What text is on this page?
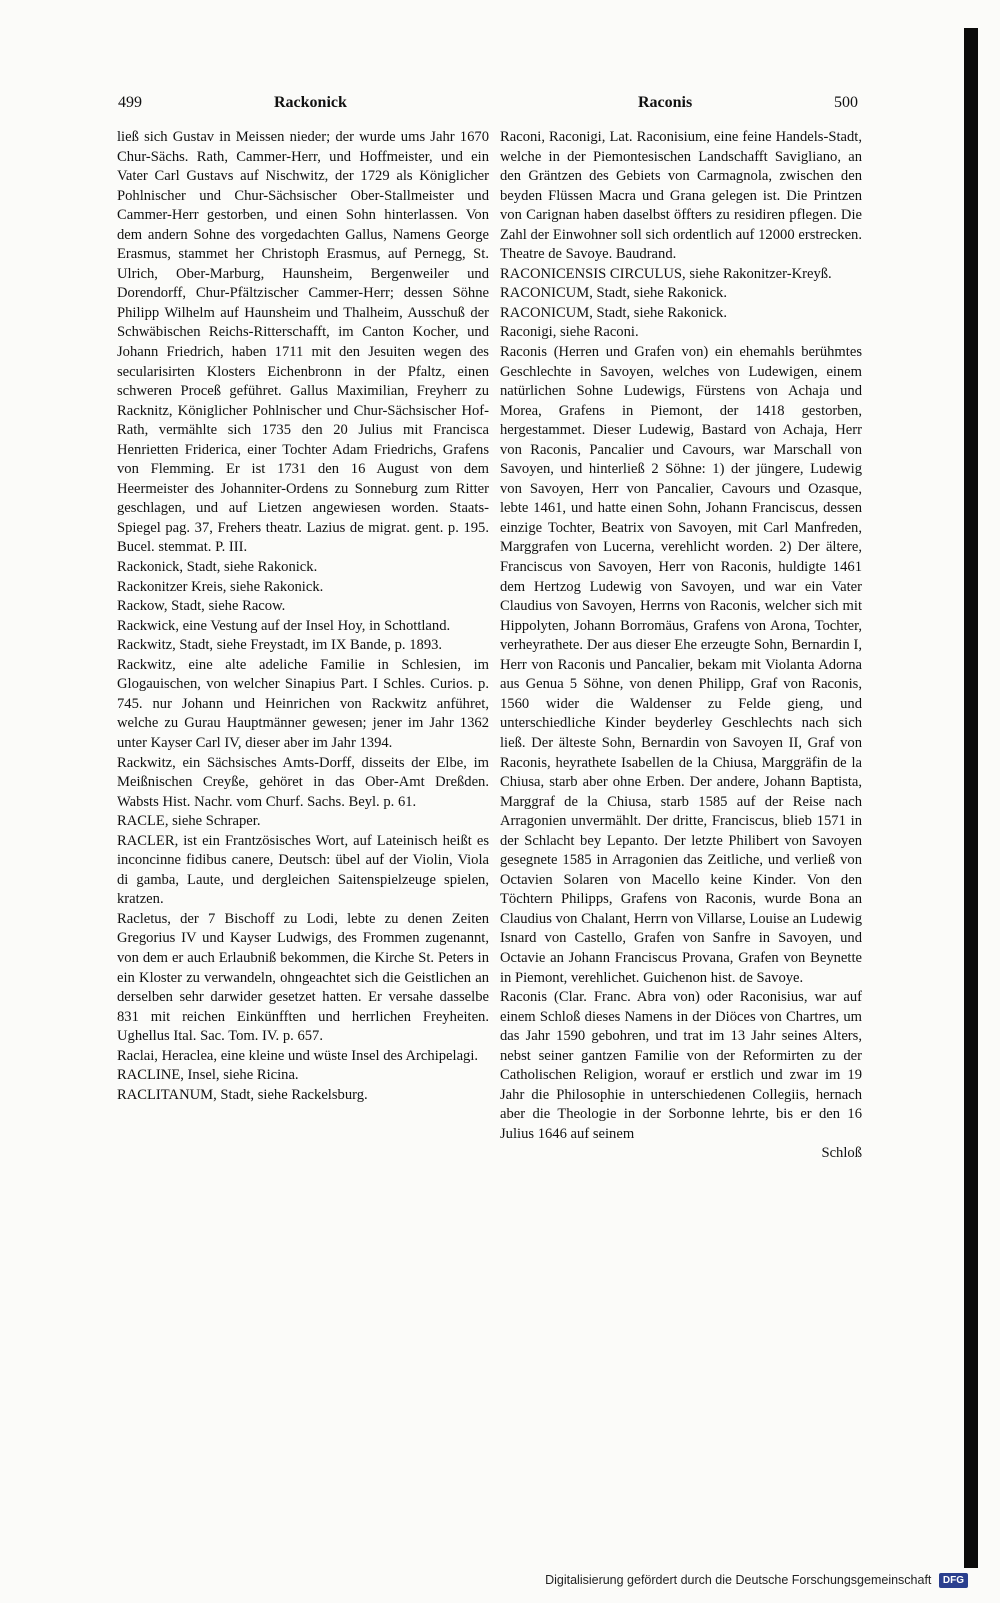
499	Rackonick	Raconis	500

ließ sich Gustav in Meissen nieder; der wurde ums Jahr 1670 Chur-Sächs. Rath, Cammer-Herr, und Hoffmeister, und ein Vater Carl Gustavs auf Nischwitz, der 1729 als Königlicher Pohlnischer und Chur-Sächsischer Ober-Stallmeister und Cammer-Herr gestorben, und einen Sohn hinterlassen. Von dem andern Sohne des vorgedachten Gallus, Namens George Erasmus, stammet her Christoph Erasmus, auf Pernegg, St. Ulrich, Ober-Marburg, Haunsheim, Bergenweiler und Dorendorff, Chur-Pfältzischer Cammer-Herr; dessen Söhne Philipp Wilhelm auf Haunsheim und Thalheim, Ausschuß der Schwäbischen Reichs-Ritterschafft, im Canton Kocher, und Johann Friedrich, haben 1711 mit den Jesuiten wegen des secularisirten Klosters Eichenbronn in der Pfaltz, einen schweren Proceß geführet. Gallus Maximilian, Freyherr zu Racknitz, Königlicher Pohlnischer und Chur-Sächsischer Hof-Rath, vermählte sich 1735 den 20 Julius mit Francisca Henrietten Friderica, einer Tochter Adam Friedrichs, Grafens von Flemming. Er ist 1731 den 16 August von dem Heermeister des Johanniter-Ordens zu Sonneburg zum Ritter geschlagen, und auf Lietzen angewiesen worden. Staats-Spiegel pag. 37, Frehers theatr. Lazius de migrat. gent. p. 195. Bucel. stemmat. P. III.

Rackonick, Stadt, siehe Rakonick.

Rackonitzer Kreis, siehe Rakonick.

Rackow, Stadt, siehe Racow.

Rackwick, eine Vestung auf der Insel Hoy, in Schottland.

Rackwitz, Stadt, siehe Freystadt, im IX Bande, p. 1893.

Rackwitz, eine alte adeliche Familie in Schlesien, im Glogauischen, von welcher Sinapius Part. I Schles. Curios. p. 745. nur Johann und Heinrichen von Rackwitz anführet, welche zu Gurau Hauptmänner gewesen; jener im Jahr 1362 unter Kayser Carl IV, dieser aber im Jahr 1394.

Rackwitz, ein Sächsisches Amts-Dorff, disseits der Elbe, im Meißnischen Creyße, gehöret in das Ober-Amt Dreßden. Wabsts Hist. Nachr. vom Churf. Sachs. Beyl. p. 61.

RACLE, siehe Schraper.

RACLER, ist ein Frantzösisches Wort, auf Lateinisch heißt es inconcinne fidibus canere, Deutsch: übel auf der Violin, Viola di gamba, Laute, und dergleichen Saitenspielzeuge spielen, kratzen.

Racletus, der 7 Bischoff zu Lodi, lebte zu denen Zeiten Gregorius IV und Kayser Ludwigs, des Frommen zugenannt, von dem er auch Erlaubniß bekommen, die Kirche St. Peters in ein Kloster zu verwandeln, ohngeachtet sich die Geistlichen an derselben sehr darwider gesetzet hatten. Er versahe dasselbe 831 mit reichen Einkünfften und herrlichen Freyheiten. Ughellus Ital. Sac. Tom. IV. p. 657.

Raclai, Heraclea, eine kleine und wüste Insel des Archipelagi.

RACLINE, Insel, siehe Ricina.

RACLITANUM, Stadt, siehe Rackelsburg.

Raconi, Raconigi, Lat. Raconisium, eine feine Handels-Stadt, welche in der Piemontesischen Landschafft Savigliano, an den Gräntzen des Gebiets von Carmagnola, zwischen den beyden Flüssen Macra und Grana gelegen ist. Die Printzen von Carignan haben daselbst öffters zu residiren pflegen. Die Zahl der Einwohner soll sich ordentlich auf 12000 erstrecken. Theatre de Savoye. Baudrand.

RACONICENSIS CIRCULUS, siehe Rakonitzer-Kreyß.

RACONICUM, Stadt, siehe Rakonick.

RACONICUM, Stadt, siehe Rakonick.

Raconigi, siehe Raconi.

Raconis (Herren und Grafen von) ein ehemahls berühmtes Geschlechte in Savoyen, welches von Ludewigen, einem natürlichen Sohne Ludewigs, Fürstens von Achaja und Morea, Grafens in Piemont, der 1418 gestorben, hergestammet. Dieser Ludewig, Bastard von Achaja, Herr von Raconis, Pancalier und Cavours, war Marschall von Savoyen, und hinterließ 2 Söhne: 1) der jüngere, Ludewig von Savoyen, Herr von Pancalier, Cavours und Ozasque, lebte 1461, und hatte einen Sohn, Johann Franciscus, dessen einzige Tochter, Beatrix von Savoyen, mit Carl Manfreden, Marggrafen von Lucerna, verehlicht worden. 2) Der ältere, Franciscus von Savoyen, Herr von Raconis, huldigte 1461 dem Hertzog Ludewig von Savoyen, und war ein Vater Claudius von Savoyen, Herrns von Raconis, welcher sich mit Hippolyten, Johann Borromäus, Grafens von Arona, Tochter, verheyrathete. Der aus dieser Ehe erzeugte Sohn, Bernardin I, Herr von Raconis und Pancalier, bekam mit Violanta Adorna aus Genua 5 Söhne, von denen Philipp, Graf von Raconis, 1560 wider die Waldenser zu Felde gieng, und unterschiedliche Kinder beyderley Geschlechts nach sich ließ. Der älteste Sohn, Bernardin von Savoyen II, Graf von Raconis, heyrathete Isabellen de la Chiusa, Marggräfin de la Chiusa, starb aber ohne Erben. Der andere, Johann Baptista, Marggraf de la Chiusa, starb 1585 auf der Reise nach Arragonien unvermählt. Der dritte, Franciscus, blieb 1571 in der Schlacht bey Lepanto. Der letzte Philibert von Savoyen gesegnete 1585 in Arragonien das Zeitliche, und verließ von Octavien Solaren von Macello keine Kinder. Von den Töchtern Philipps, Grafens von Raconis, wurde Bona an Claudius von Chalant, Herrn von Villarse, Louise an Ludewig Isnard von Castello, Grafen von Sanfre in Savoyen, und Octavie an Johann Franciscus Provana, Grafen von Beynette in Piemont, verehlichet. Guichenon hist. de Savoye.

Raconis (Clar. Franc. Abra von) oder Raconisius, war auf einem Schloß dieses Namens in der Diöces von Chartres, um das Jahr 1590 gebohren, und trat im 13 Jahr seines Alters, nebst seiner gantzen Familie von der Reformirten zu der Catholischen Religion, worauf er erstlich und zwar im 19 Jahr die Philosophie in unterschiedenen Collegiis, hernach aber die Theologie in der Sorbonne lehrte, bis er den 16 Julius 1646 auf seinem

Schloß

Digitalisierung gefördert durch die Deutsche Forschungsgemeinschaft DFG
